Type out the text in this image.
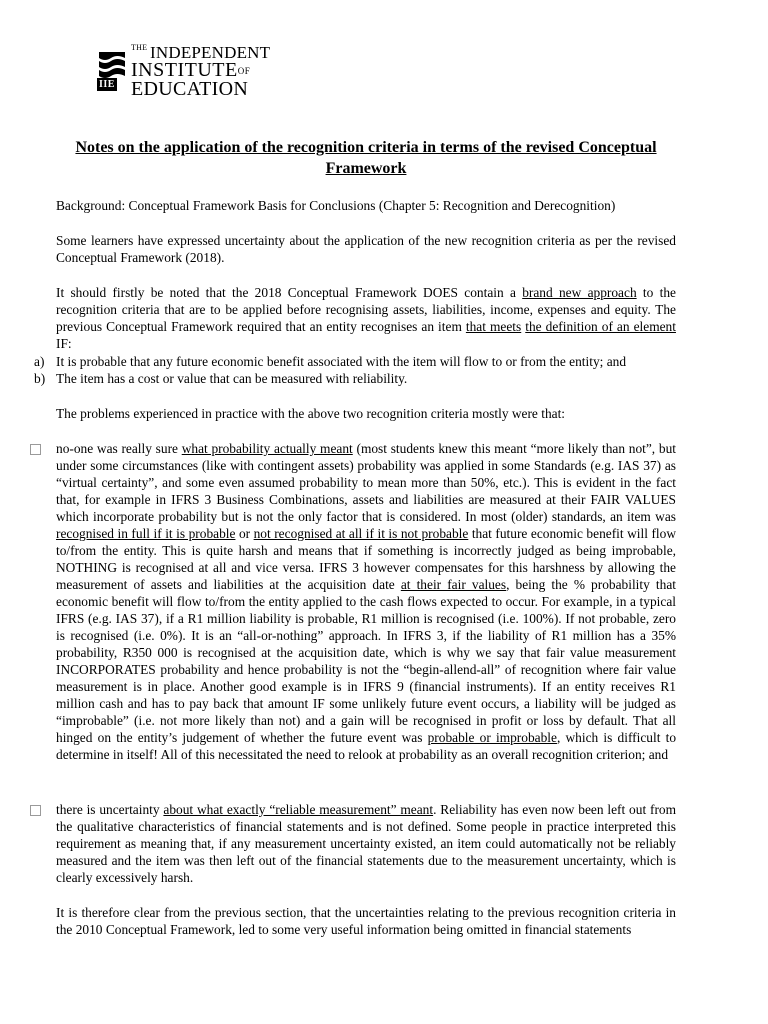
IIE
THE INDEPENDENT
INSTITUTEOF
EDUCATION
Notes on the application of the recognition criteria in terms of the revised Conceptual Framework

Background: Conceptual Framework Basis for Conclusions (Chapter 5: Recognition and Derecognition)

Some learners have expressed uncertainty about the application of the new recognition criteria as per the revised Conceptual Framework (2018).

It should firstly be noted that the 2018 Conceptual Framework DOES contain a brand new approach to the recognition criteria that are to be applied before recognising assets, liabilities, income, expenses and equity. The previous Conceptual Framework required that an entity recognises an item that meets the definition of an element IF:

a) It is probable that any future economic benefit associated with the item will flow to or from the entity; and
b) The item has a cost or value that can be measured with reliability.

The problems experienced in practice with the above two recognition criteria mostly were that:

no-one was really sure what probability actually meant (most students knew this meant “more likely than not”, but under some circumstances (like with contingent assets) probability was applied in some Standards (e.g. IAS 37) as “virtual certainty”, and some even assumed probability to mean more than 50%, etc.). This is evident in the fact that, for example in IFRS 3 Business Combinations, assets and liabilities are measured at their FAIR VALUES which incorporate probability but is not the only factor that is considered. In most (older) standards, an item was recognised in full if it is probable or not recognised at all if it is not probable that future economic benefit will flow to/from the entity. This is quite harsh and means that if something is incorrectly judged as being improbable, NOTHING is recognised at all and vice versa. IFRS 3 however compensates for this harshness by allowing the measurement of assets and liabilities at the acquisition date at their fair values, being the % probability that economic benefit will flow to/from the entity applied to the cash flows expected to occur. For example, in a typical IFRS (e.g. IAS 37), if a R1 million liability is probable, R1 million is recognised (i.e. 100%). If not probable, zero is recognised (i.e. 0%). It is an “all-or-nothing” approach. In IFRS 3, if the liability of R1 million has a 35% probability, R350 000 is recognised at the acquisition date, which is why we say that fair value measurement INCORPORATES probability and hence probability is not the “begin-allend-all” of recognition where fair value measurement is in place. Another good example is in IFRS 9 (financial instruments). If an entity receives R1 million cash and has to pay back that amount IF some unlikely future event occurs, a liability will be judged as “improbable” (i.e. not more likely than not) and a gain will be recognised in profit or loss by default. That all hinged on the entity’s judgement of whether the future event was probable or improbable, which is difficult to determine in itself! All of this necessitated the need to relook at probability as an overall recognition criterion; and

there is uncertainty about what exactly “reliable measurement” meant. Reliability has even now been left out from the qualitative characteristics of financial statements and is not defined. Some people in practice interpreted this requirement as meaning that, if any measurement uncertainty existed, an item could automatically not be reliably measured and the item was then left out of the financial statements due to the measurement uncertainty, which is clearly excessively harsh.

It is therefore clear from the previous section, that the uncertainties relating to the previous recognition criteria in the 2010 Conceptual Framework, led to some very useful information being omitted in financial statements
